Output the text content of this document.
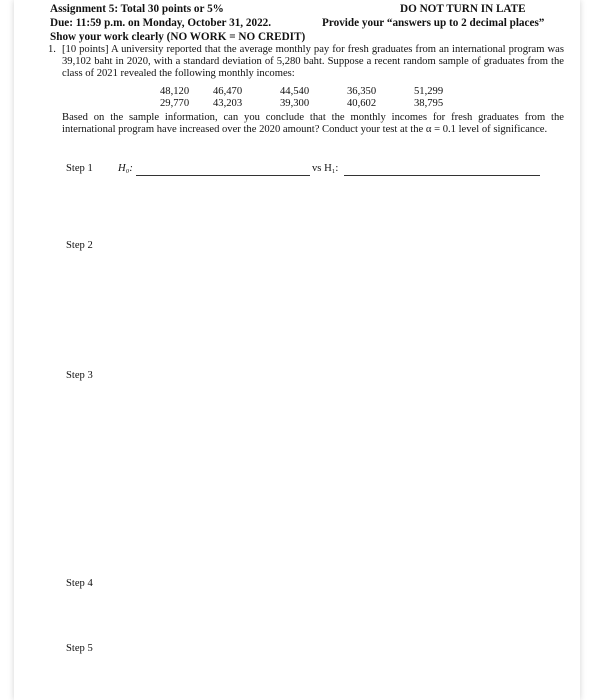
Assignment 5: Total 30 points or 5%	DO NOT TURN IN LATE
Due: 11:59 p.m. on Monday, October 31, 2022.	Provide your “answers up to 2 decimal places”
Show your work clearly (NO WORK = NO CREDIT)
1. [10 points] A university reported that the average monthly pay for fresh graduates from an international program was 39,102 baht in 2020, with a standard deviation of 5,280 baht. Suppose a recent random sample of graduates from the class of 2021 revealed the following monthly incomes:

48,120 46,470	44,540	36,350	51,299
29,770 43,203	39,300	40,602	38,795

Based on the sample information, can you conclude that the monthly incomes for fresh graduates from the international program have increased over the 2020 amount? Conduct your test at the α = 0.1 level of significance.

Step 1 H₀:	vs H₁:
Step 2
Step 3
Step 4
Step 5
